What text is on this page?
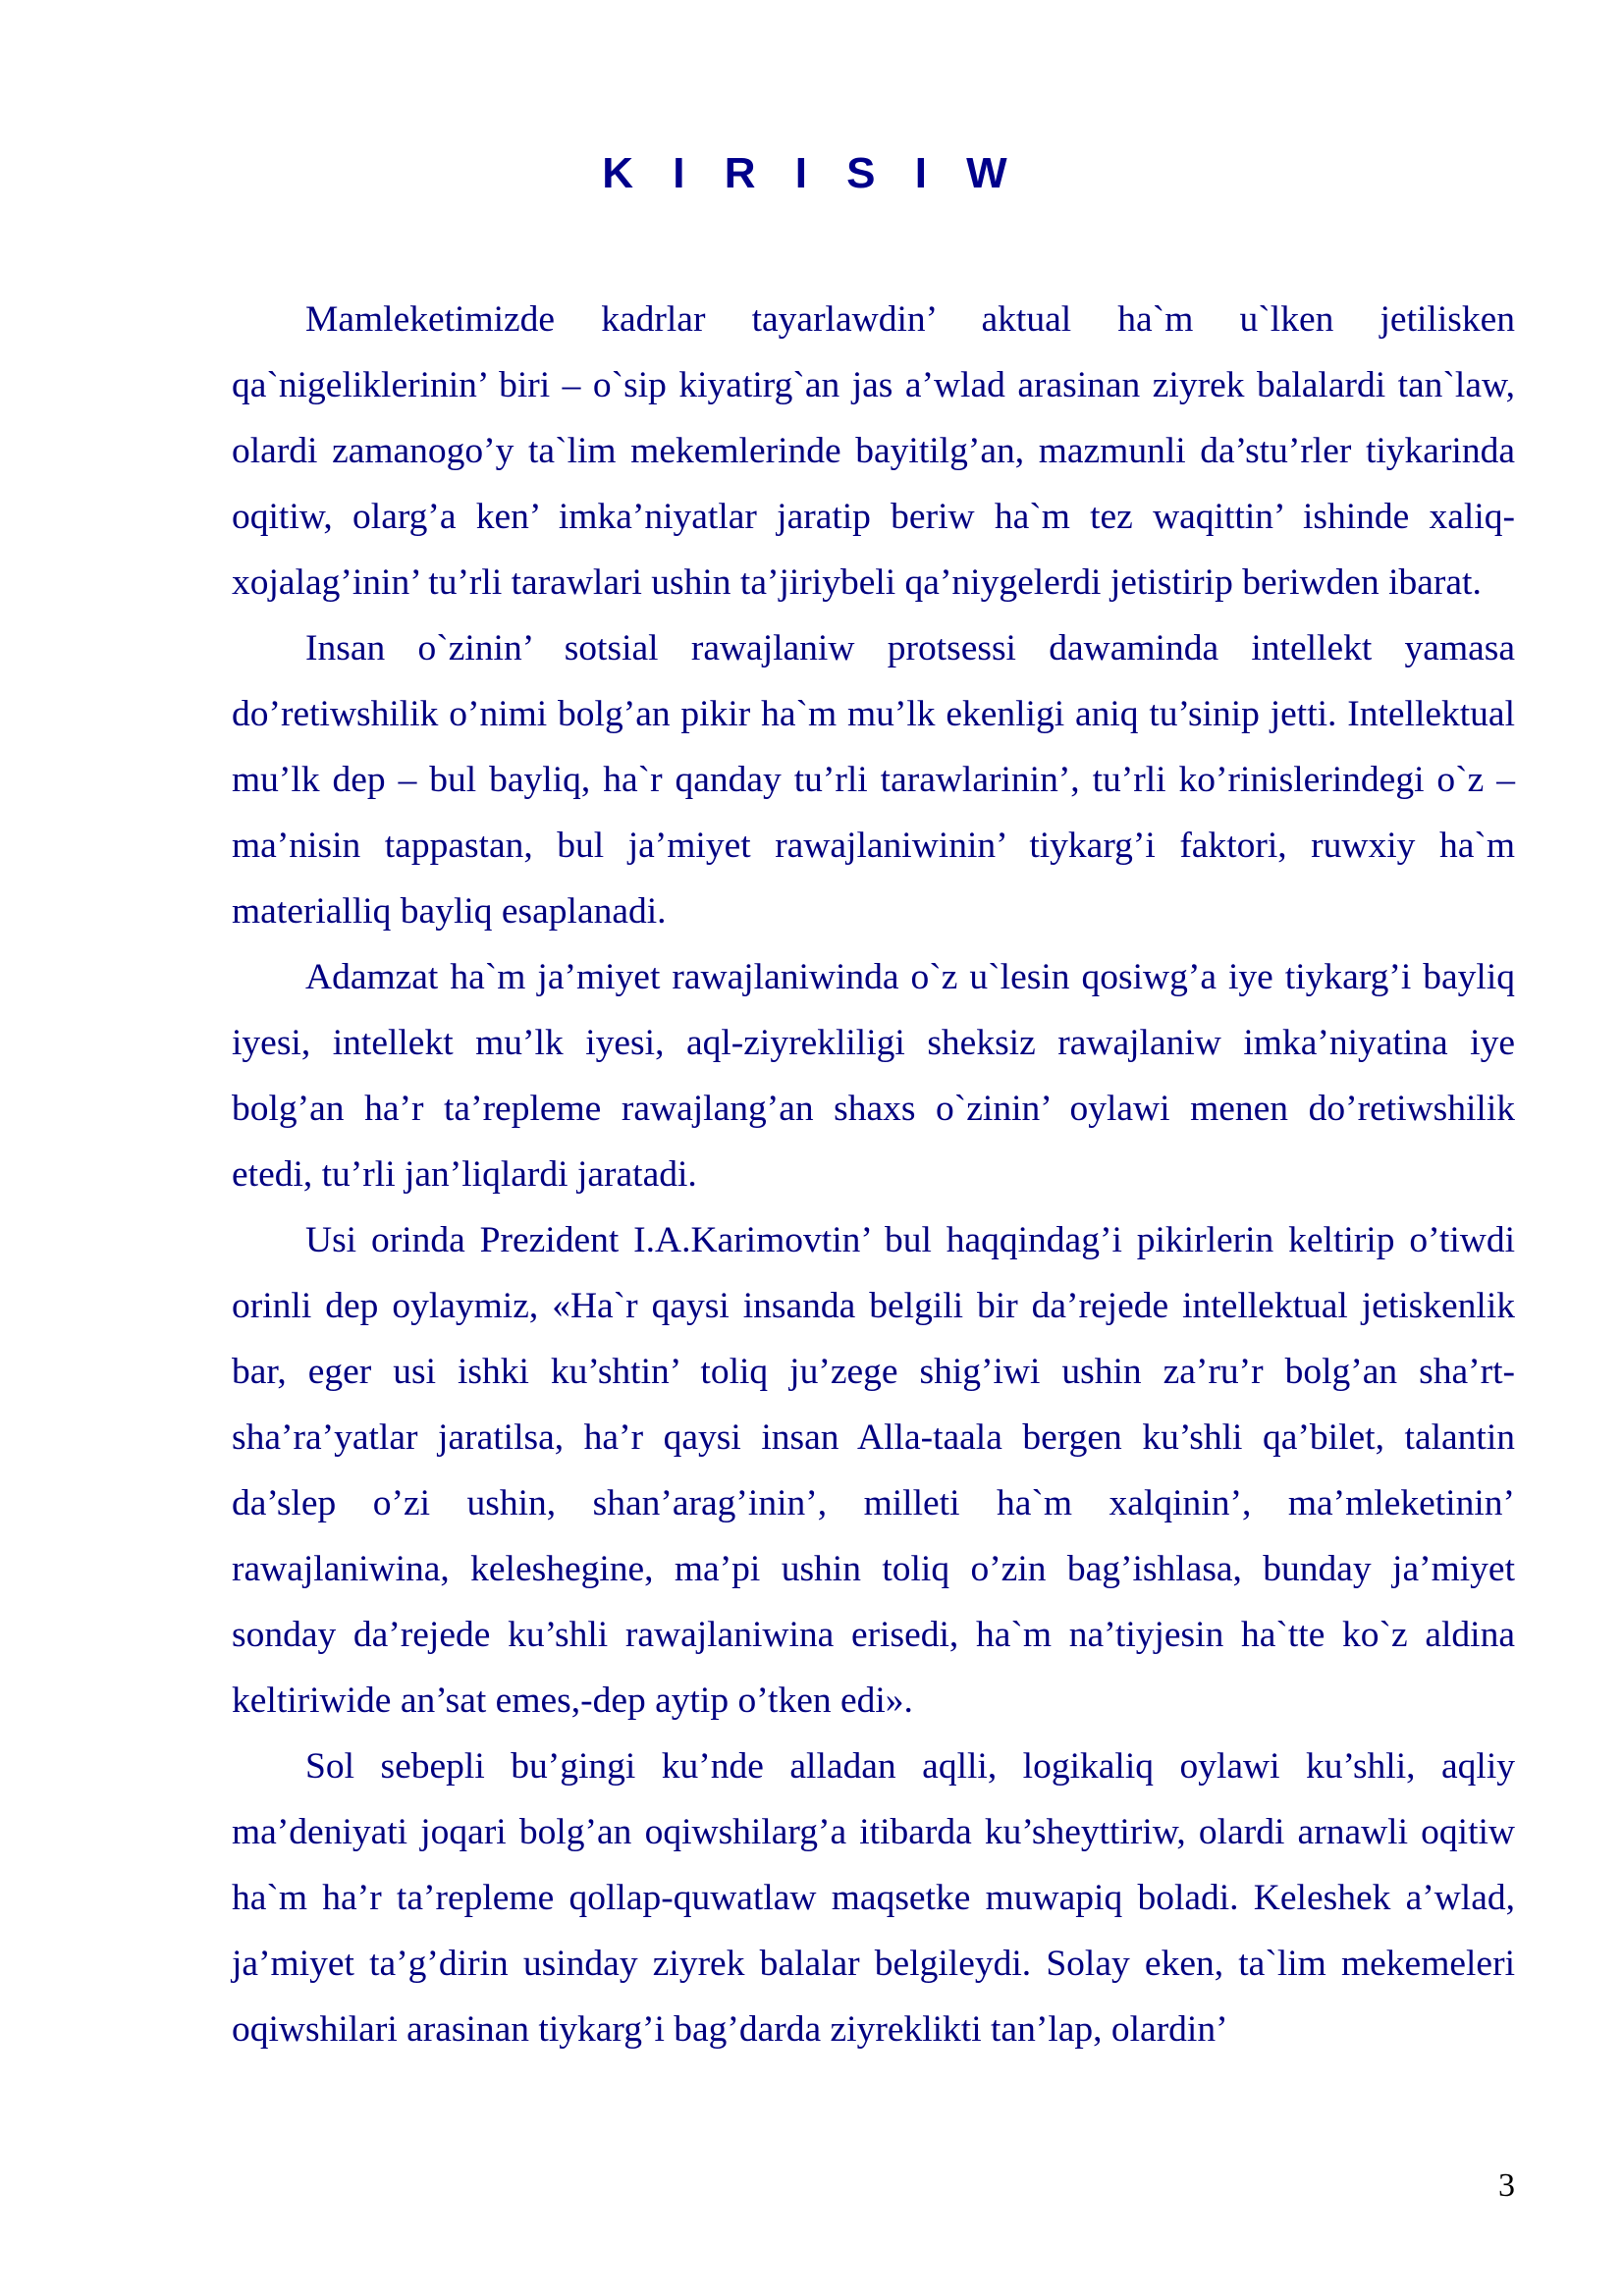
K I R I S I W

Mamleketimizde kadrlar tayarlawdin’ aktual ha`m u`lken jetilisken qa`nigeliklerinin’ biri – o`sip kiyatirg`an jas a’wlad arasinan ziyrek balalardi tan`law, olardi zamanogo’y ta`lim mekemlerinde bayitilg’an, mazmunli da’stu’rler tiykarinda oqitiw, olarg’a ken’ imka’niyatlar jaratip beriw ha`m tez waqittin’ ishinde xaliq-xojalag’inin’ tu’rli tarawlari ushin ta’jiriybeli qa’niygelerdi jetistirip beriwden ibarat.

Insan o`zinin’ sotsial rawajlaniw protsessi dawaminda intellekt yamasa do’retiwshilik o’nimi bolg’an pikir ha`m mu’lk ekenligi aniq tu’sinip jetti. Intellektual mu’lk dep – bul bayliq, ha`r qanday tu’rli tarawlarinin’, tu’rli ko’rinislerindegi o`z – ma’nisin tappastan, bul ja’miyet rawajlaniwinin’ tiykarg’i faktori, ruwxiy ha`m materialliq bayliq esaplanadi.

Adamzat ha`m ja’miyet rawajlaniwinda o`z u`lesin qosiwg’a iye tiykarg’i bayliq iyesi, intellekt mu’lk iyesi, aql-ziyrekliligi sheksiz rawajlaniw imka’niyatina iye bolg’an ha’r ta’repleme rawajlang’an shaxs o`zinin’ oylawi menen do’retiwshilik etedi, tu’rli jan’liqlardi jaratadi.

Usi orinda Prezident I.A.Karimovtin’ bul haqqindag’i pikirlerin keltirip o’tiwdi orinli dep oylaymiz, «Ha`r qaysi insanda belgili bir da’rejede intellektual jetiskenlik bar, eger usi ishki ku’shtin’ toliq ju’zege shig’iwi ushin za’ru’r bolg’an sha’rt-sha’ra’yatlar jaratilsa, ha’r qaysi insan Alla-taala bergen ku’shli qa’bilet, talantin da’slep o’zi ushin, shan’arag’inin’, milleti ha`m xalqinin’, ma’mleketinin’ rawajlaniwina, keleshegine, ma’pi ushin toliq o’zin bag’ishlasa, bunday ja’miyet sonday da’rejede ku’shli rawajlaniwina erisedi, ha`m na’tiyjesin ha`tte ko`z aldina keltiriwide an’sat emes,-dep aytip o’tken edi».

Sol sebepli bu’gingi ku’nde alladan aqlli, logikaliq oylawi ku’shli, aqliy ma’deniyati joqari bolg’an oqiwshilarg’a itibarda ku’sheyttiriw, olardi arnawli oqitiw ha`m ha’r ta’repleme qollap-quwatlaw maqsetke muwapiq boladi. Keleshek a’wlad, ja’miyet ta’g’dirin usinday ziyrek balalar belgileydi. Solay eken, ta`lim mekemeleri oqiwshilari arasinan tiykarg’i bag’darda ziyreklikti tan’lap, olardin’

3
